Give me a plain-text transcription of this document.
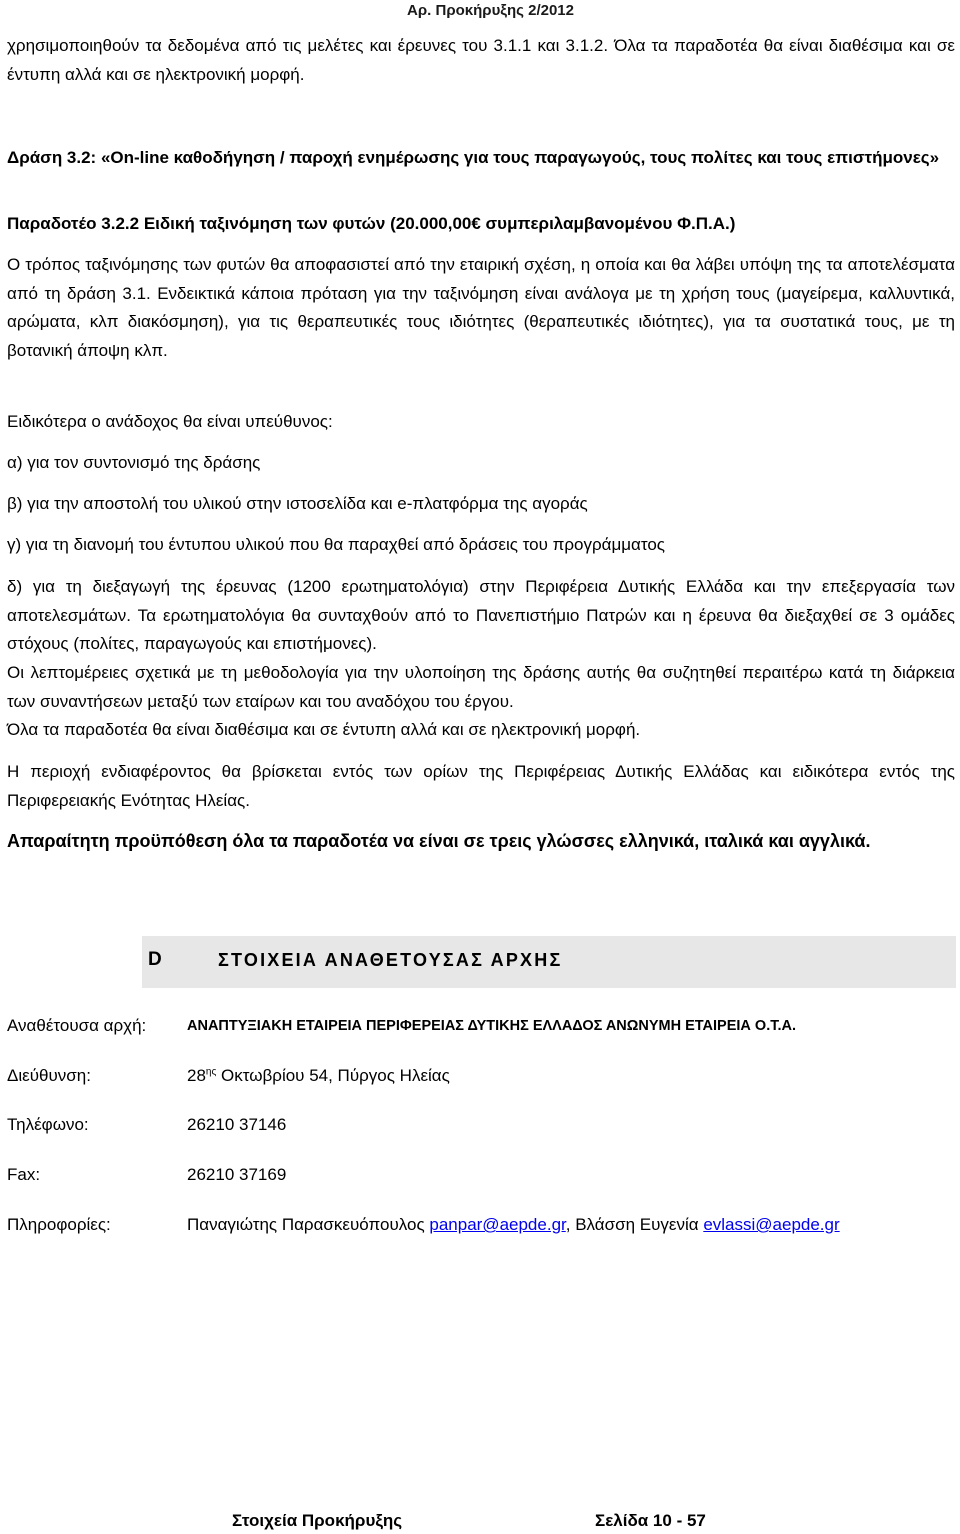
Αρ. Προκήρυξης 2/2012

χρησιμοποιηθούν τα δεδομένα από τις μελέτες και έρευνες του 3.1.1 και 3.1.2. Όλα τα παραδοτέα θα είναι διαθέσιμα και σε έντυπη αλλά και σε ηλεκτρονική μορφή.

Δράση 3.2: «On-line καθοδήγηση / παροχή ενημέρωσης για τους παραγωγούς, τους πολίτες και τους επιστήμονες»

Παραδοτέο 3.2.2 Ειδική ταξινόμηση των φυτών (20.000,00€ συμπεριλαμβανομένου Φ.Π.Α.)

Ο τρόπος ταξινόμησης των φυτών θα αποφασιστεί από την εταιρική σχέση, η οποία και θα λάβει υπόψη της τα αποτελέσματα από τη δράση 3.1. Ενδεικτικά κάποια πρόταση για την ταξινόμηση είναι ανάλογα με τη χρήση τους (μαγείρεμα, καλλυντικά, αρώματα, κλπ διακόσμηση), για τις θεραπευτικές τους ιδιότητες (θεραπευτικές ιδιότητες), για τα συστατικά τους, με τη βοτανική άποψη κλπ.

Ειδικότερα ο ανάδοχος θα είναι υπεύθυνος:
α) για τον συντονισμό της δράσης
β) για την αποστολή του υλικού στην ιστοσελίδα και e-πλατφόρμα της αγοράς
γ) για τη διανομή του έντυπου υλικού που θα παραχθεί από δράσεις του προγράμματος

δ) για τη διεξαγωγή της έρευνας (1200 ερωτηματολόγια) στην Περιφέρεια Δυτικής Ελλάδα και την επεξεργασία των αποτελεσμάτων. Τα ερωτηματολόγια θα συνταχθούν από το Πανεπιστήμιο Πατρών και η έρευνα θα διεξαχθεί σε 3 ομάδες στόχους (πολίτες, παραγωγούς και επιστήμονες).

Οι λεπτομέρειες σχετικά με τη μεθοδολογία για την υλοποίηση της δράσης αυτής θα συζητηθεί περαιτέρω κατά τη διάρκεια των συναντήσεων μεταξύ των εταίρων και του αναδόχου του έργου.

Όλα τα παραδοτέα θα είναι διαθέσιμα και σε έντυπη αλλά και σε ηλεκτρονική μορφή.

Η περιοχή ενδιαφέροντος θα βρίσκεται εντός των ορίων της Περιφέρειας Δυτικής Ελλάδας και ειδικότερα εντός της Περιφερειακής Ενότητας Ηλείας.

Απαραίτητη προϋπόθεση όλα τα παραδοτέα να είναι σε τρεις γλώσσες ελληνικά, ιταλικά και αγγλικά.

D	ΣΤΟΙΧΕΙΑ ΑΝΑΘΕΤΟΥΣΑΣ ΑΡΧΗΣ
Αναθέτουσα αρχή:	ΑΝΑΠΤΥΞΙΑΚΗ ΕΤΑΙΡΕΙΑ ΠΕΡΙΦΕΡΕΙΑΣ ΔΥΤΙΚΗΣ ΕΛΛΑΔΟΣ ΑΝΩΝΥΜΗ ΕΤΑΙΡΕΙΑ Ο.Τ.Α.
Διεύθυνση:	$28^{\eta\varsigma}$ Οκτωβρίου 54, Πύργος Ηλείας
Τηλέφωνο:	26210 37146
Fax:	26210 37169
Πληροφορίες:	Παναγιώτης Παρασκευόπουλος panpar@aepde.gr, Βλάσση Ευγενία evlassi@aepde.gr
Στοιχεία Προκήρυξης	Σελίδα 10 - 57
